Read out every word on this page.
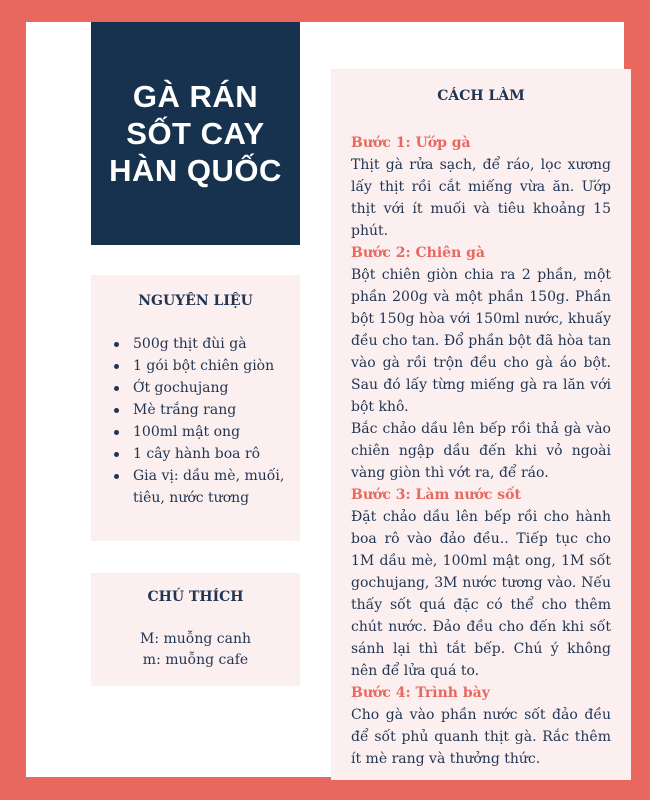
GÀ RÁN
SỐT CAY
HÀN QUỐC
NGUYÊN LIỆU
500g thịt đùi gà
1 gói bột chiên giòn
Ớt gochujang
Mè trắng rang
100ml mật ong
1 cây hành boa rô
Gia vị: dầu mè, muối, tiêu, nước tương
CHÚ THÍCH
M: muỗng canh
m: muỗng cafe
CÁCH LÀM
Bước 1: Ướp gà
Thịt gà rửa sạch, để ráo, lọc xương lấy thịt rồi cắt miếng vừa ăn. Ướp thịt với ít muối và tiêu khoảng 15 phút.
Bước 2: Chiên gà
Bột chiên giòn chia ra 2 phần, một phần 200g và một phần 150g. Phần bột 150g hòa với 150ml nước, khuấy đều cho tan. Đổ phần bột đã hòa tan vào gà rồi trộn đều cho gà áo bột. Sau đó lấy từng miếng gà ra lăn với bột khô.
Bắc chảo dầu lên bếp rồi thả gà vào chiên ngập dầu đến khi vỏ ngoài vàng giòn thì vớt ra, để ráo.
Bước 3: Làm nước sốt
Đặt chảo dầu lên bếp rồi cho hành boa rô vào đảo đều.. Tiếp tục cho 1M dầu mè, 100ml mật ong, 1M sốt gochujang, 3M nước tương vào. Nếu thấy sốt quá đặc có thể cho thêm chút nước. Đảo đều cho đến khi sốt sánh lại thì tắt bếp. Chú ý không nên để lửa quá to.
Bước 4: Trình bày
Cho gà vào phần nước sốt đảo đều để sốt phủ quanh thịt gà. Rắc thêm ít mè rang và thưởng thức.
